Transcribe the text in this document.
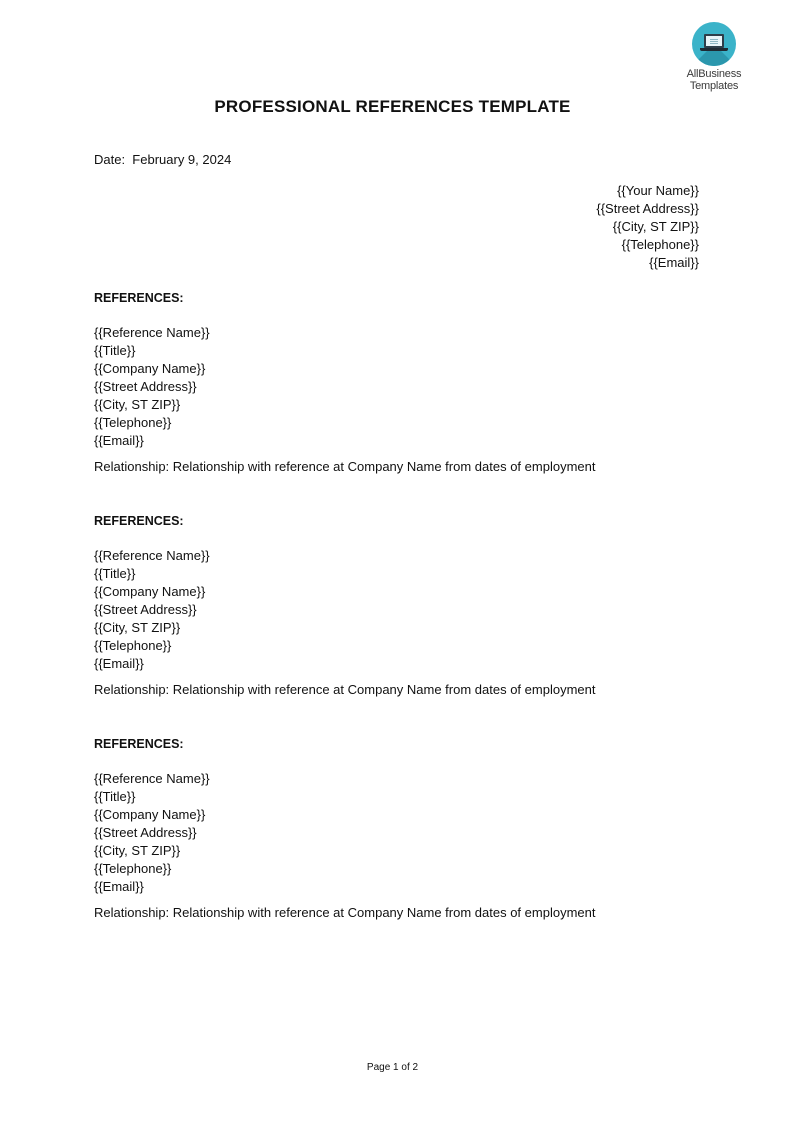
AllBusiness
Templates
PROFESSIONAL REFERENCES TEMPLATE
Date:  February 9, 2024
{{Your Name}}
{{Street Address}}
{{City, ST ZIP}}
{{Telephone}}
{{Email}}
REFERENCES:
{{Reference Name}}
{{Title}}
{{Company Name}}
{{Street Address}}
{{City, ST ZIP}}
{{Telephone}}
{{Email}}
Relationship: Relationship with reference at Company Name from dates of employment
REFERENCES:
{{Reference Name}}
{{Title}}
{{Company Name}}
{{Street Address}}
{{City, ST ZIP}}
{{Telephone}}
{{Email}}
Relationship: Relationship with reference at Company Name from dates of employment
REFERENCES:
{{Reference Name}}
{{Title}}
{{Company Name}}
{{Street Address}}
{{City, ST ZIP}}
{{Telephone}}
{{Email}}
Relationship: Relationship with reference at Company Name from dates of employment
Page 1 of 2
